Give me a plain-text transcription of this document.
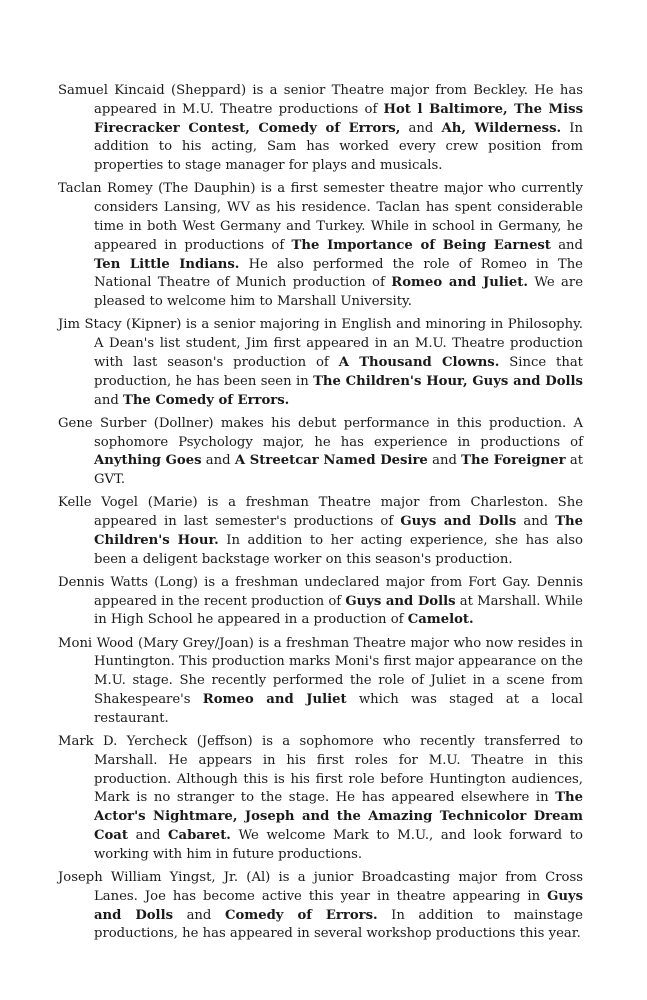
Samuel Kincaid (Sheppard) is a senior Theatre major from Beckley. He has appeared in M.U. Theatre productions of Hot l Baltimore, The Miss Firecracker Contest, Comedy of Errors, and Ah, Wilderness. In addition to his acting, Sam has worked every crew position from properties to stage manager for plays and musicals.

Taclan Romey (The Dauphin) is a first semester theatre major who currently considers Lansing, WV as his residence. Taclan has spent considerable time in both West Germany and Turkey. While in school in Germany, he appeared in productions of The Importance of Being Earnest and Ten Little Indians. He also performed the role of Romeo in The National Theatre of Munich production of Romeo and Juliet. We are pleased to welcome him to Marshall University.

Jim Stacy (Kipner) is a senior majoring in English and minoring in Philosophy. A Dean's list student, Jim first appeared in an M.U. Theatre production with last season's production of A Thousand Clowns. Since that production, he has been seen in The Children's Hour, Guys and Dolls and The Comedy of Errors.

Gene Surber (Dollner) makes his debut performance in this production. A sophomore Psychology major, he has experience in productions of Anything Goes and A Streetcar Named Desire and The Foreigner at GVT.

Kelle Vogel (Marie) is a freshman Theatre major from Charleston. She appeared in last semester's productions of Guys and Dolls and The Children's Hour. In addition to her acting experience, she has also been a deligent backstage worker on this season's production.

Dennis Watts (Long) is a freshman undeclared major from Fort Gay. Dennis appeared in the recent production of Guys and Dolls at Marshall. While in High School he appeared in a production of Camelot.

Moni Wood (Mary Grey/Joan) is a freshman Theatre major who now resides in Huntington. This production marks Moni's first major appearance on the M.U. stage. She recently performed the role of Juliet in a scene from Shakespeare's Romeo and Juliet which was staged at a local restaurant.

Mark D. Yercheck (Jeffson) is a sophomore who recently transferred to Marshall. He appears in his first roles for M.U. Theatre in this production. Although this is his first role before Huntington audiences, Mark is no stranger to the stage. He has appeared elsewhere in The Actor's Nightmare, Joseph and the Amazing Technicolor Dream Coat and Cabaret. We welcome Mark to M.U., and look forward to working with him in future productions.

Joseph William Yingst, Jr. (Al) is a junior Broadcasting major from Cross Lanes. Joe has become active this year in theatre appearing in Guys and Dolls and Comedy of Errors. In addition to mainstage productions, he has appeared in several workshop productions this year.
